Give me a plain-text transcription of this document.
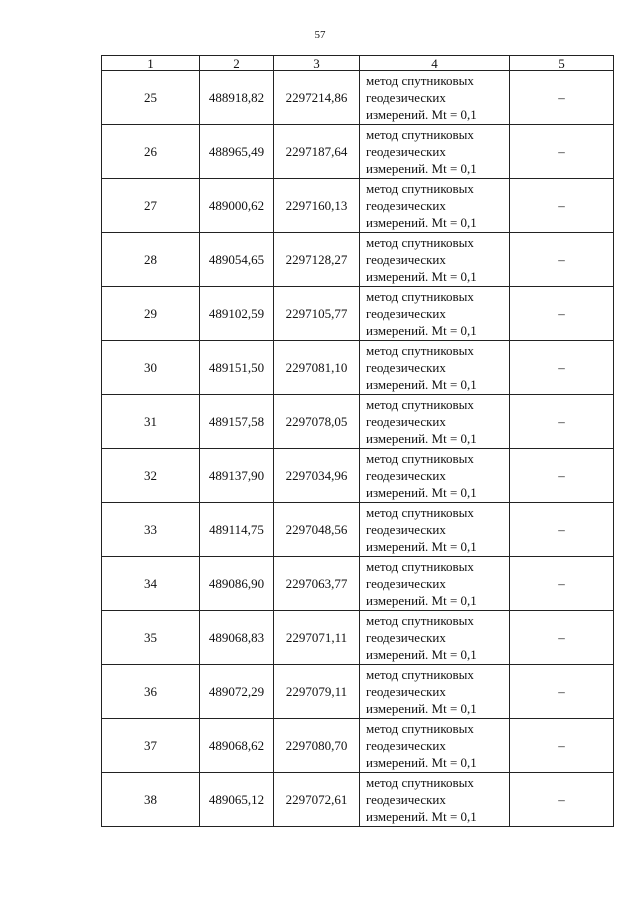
57
1	2	3	4	5
25	488918,82	2297214,86	метод спутниковых
геодезических
измерений. Mt = 0,1	–
26	488965,49	2297187,64	метод спутниковых
геодезических
измерений. Mt = 0,1	–
27	489000,62	2297160,13	метод спутниковых
геодезических
измерений. Mt = 0,1	–
28	489054,65	2297128,27	метод спутниковых
геодезических
измерений. Mt = 0,1	–
29	489102,59	2297105,77	метод спутниковых
геодезических
измерений. Mt = 0,1	–
30	489151,50	2297081,10	метод спутниковых
геодезических
измерений. Mt = 0,1	–
31	489157,58	2297078,05	метод спутниковых
геодезических
измерений. Mt = 0,1	–
32	489137,90	2297034,96	метод спутниковых
геодезических
измерений. Mt = 0,1	–
33	489114,75	2297048,56	метод спутниковых
геодезических
измерений. Mt = 0,1	–
34	489086,90	2297063,77	метод спутниковых
геодезических
измерений. Mt = 0,1	–
35	489068,83	2297071,11	метод спутниковых
геодезических
измерений. Mt = 0,1	–
36	489072,29	2297079,11	метод спутниковых
геодезических
измерений. Mt = 0,1	–
37	489068,62	2297080,70	метод спутниковых
геодезических
измерений. Mt = 0,1	–
38	489065,12	2297072,61	метод спутниковых
геодезических
измерений. Mt = 0,1	–
